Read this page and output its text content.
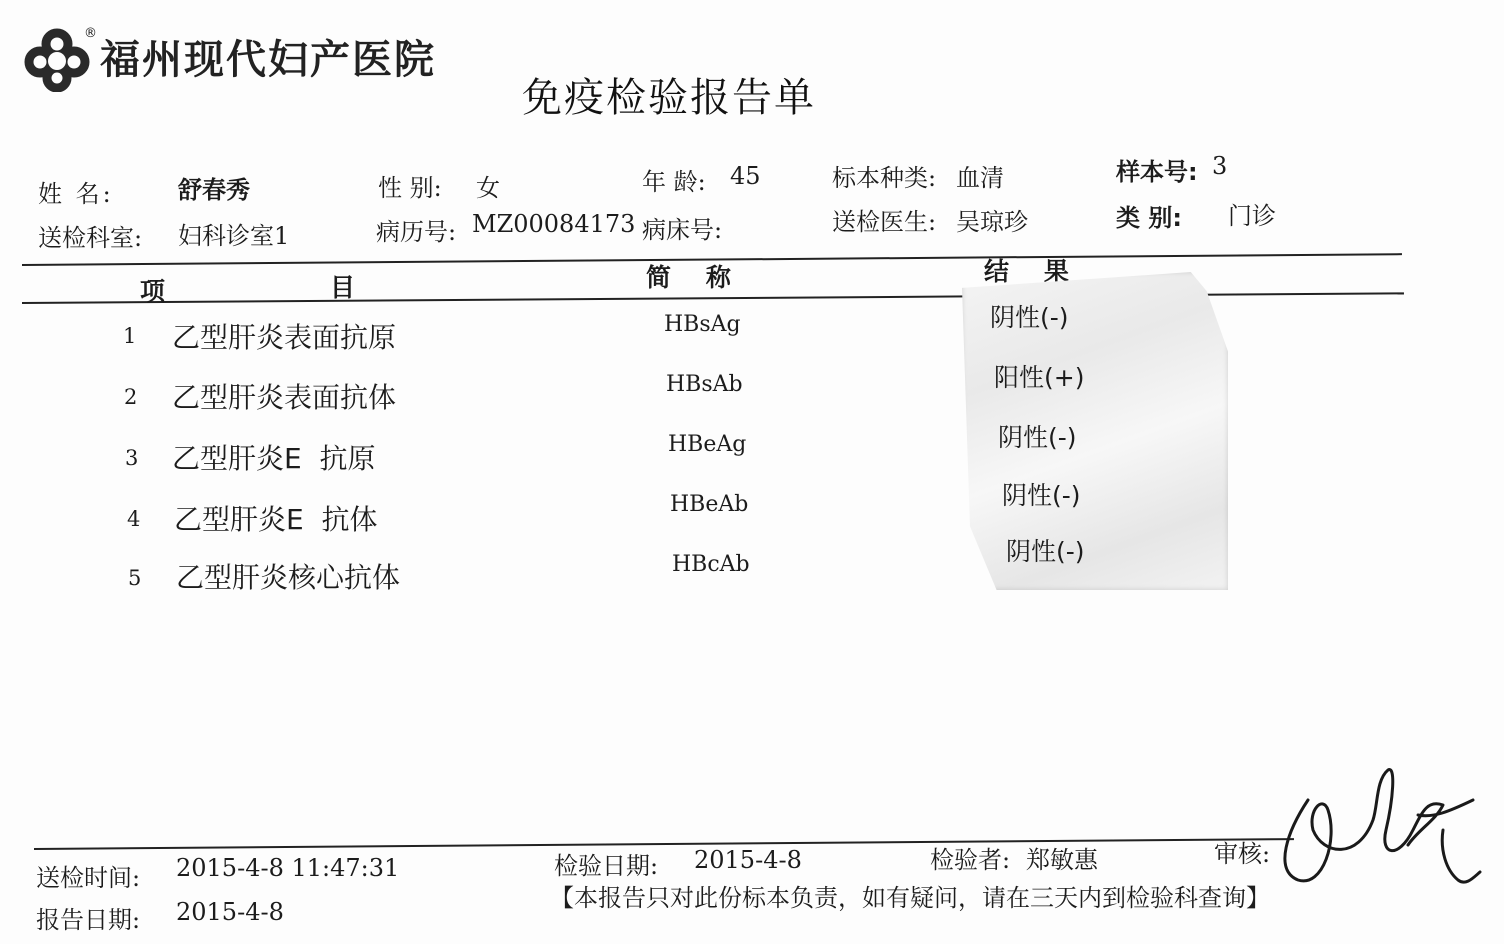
®
福州现代妇产医院
免疫检验报告单
姓 名:	舒春秀	性 别: 女	年 龄: 45	标本种类: 血清	样本号: 3
送检科室: 妇科诊室1	病历号: MZ00084173 病床号:	送检医生: 吴琼珍	类 别: 门诊
项	目	简    称	结    果
1 乙型肝炎表面抗原	HBsAg	阴性(-)
2 乙型肝炎表面抗体	HBsAb	阳性(+)
3 乙型肝炎E  抗原	HBeAg	阴性(-)
4 乙型肝炎E  抗体	HBeAb	阴性(-)
5 乙型肝炎核心抗体	HBcAb	阴性(-)
送检时间: 2015-4-8 11:47:31	检验日期: 2015-4-8	检验者: 郑敏惠	审核:
报告日期: 2015-4-8	【本报告只对此份标本负责，如有疑问，请在三天内到检验科查询】
